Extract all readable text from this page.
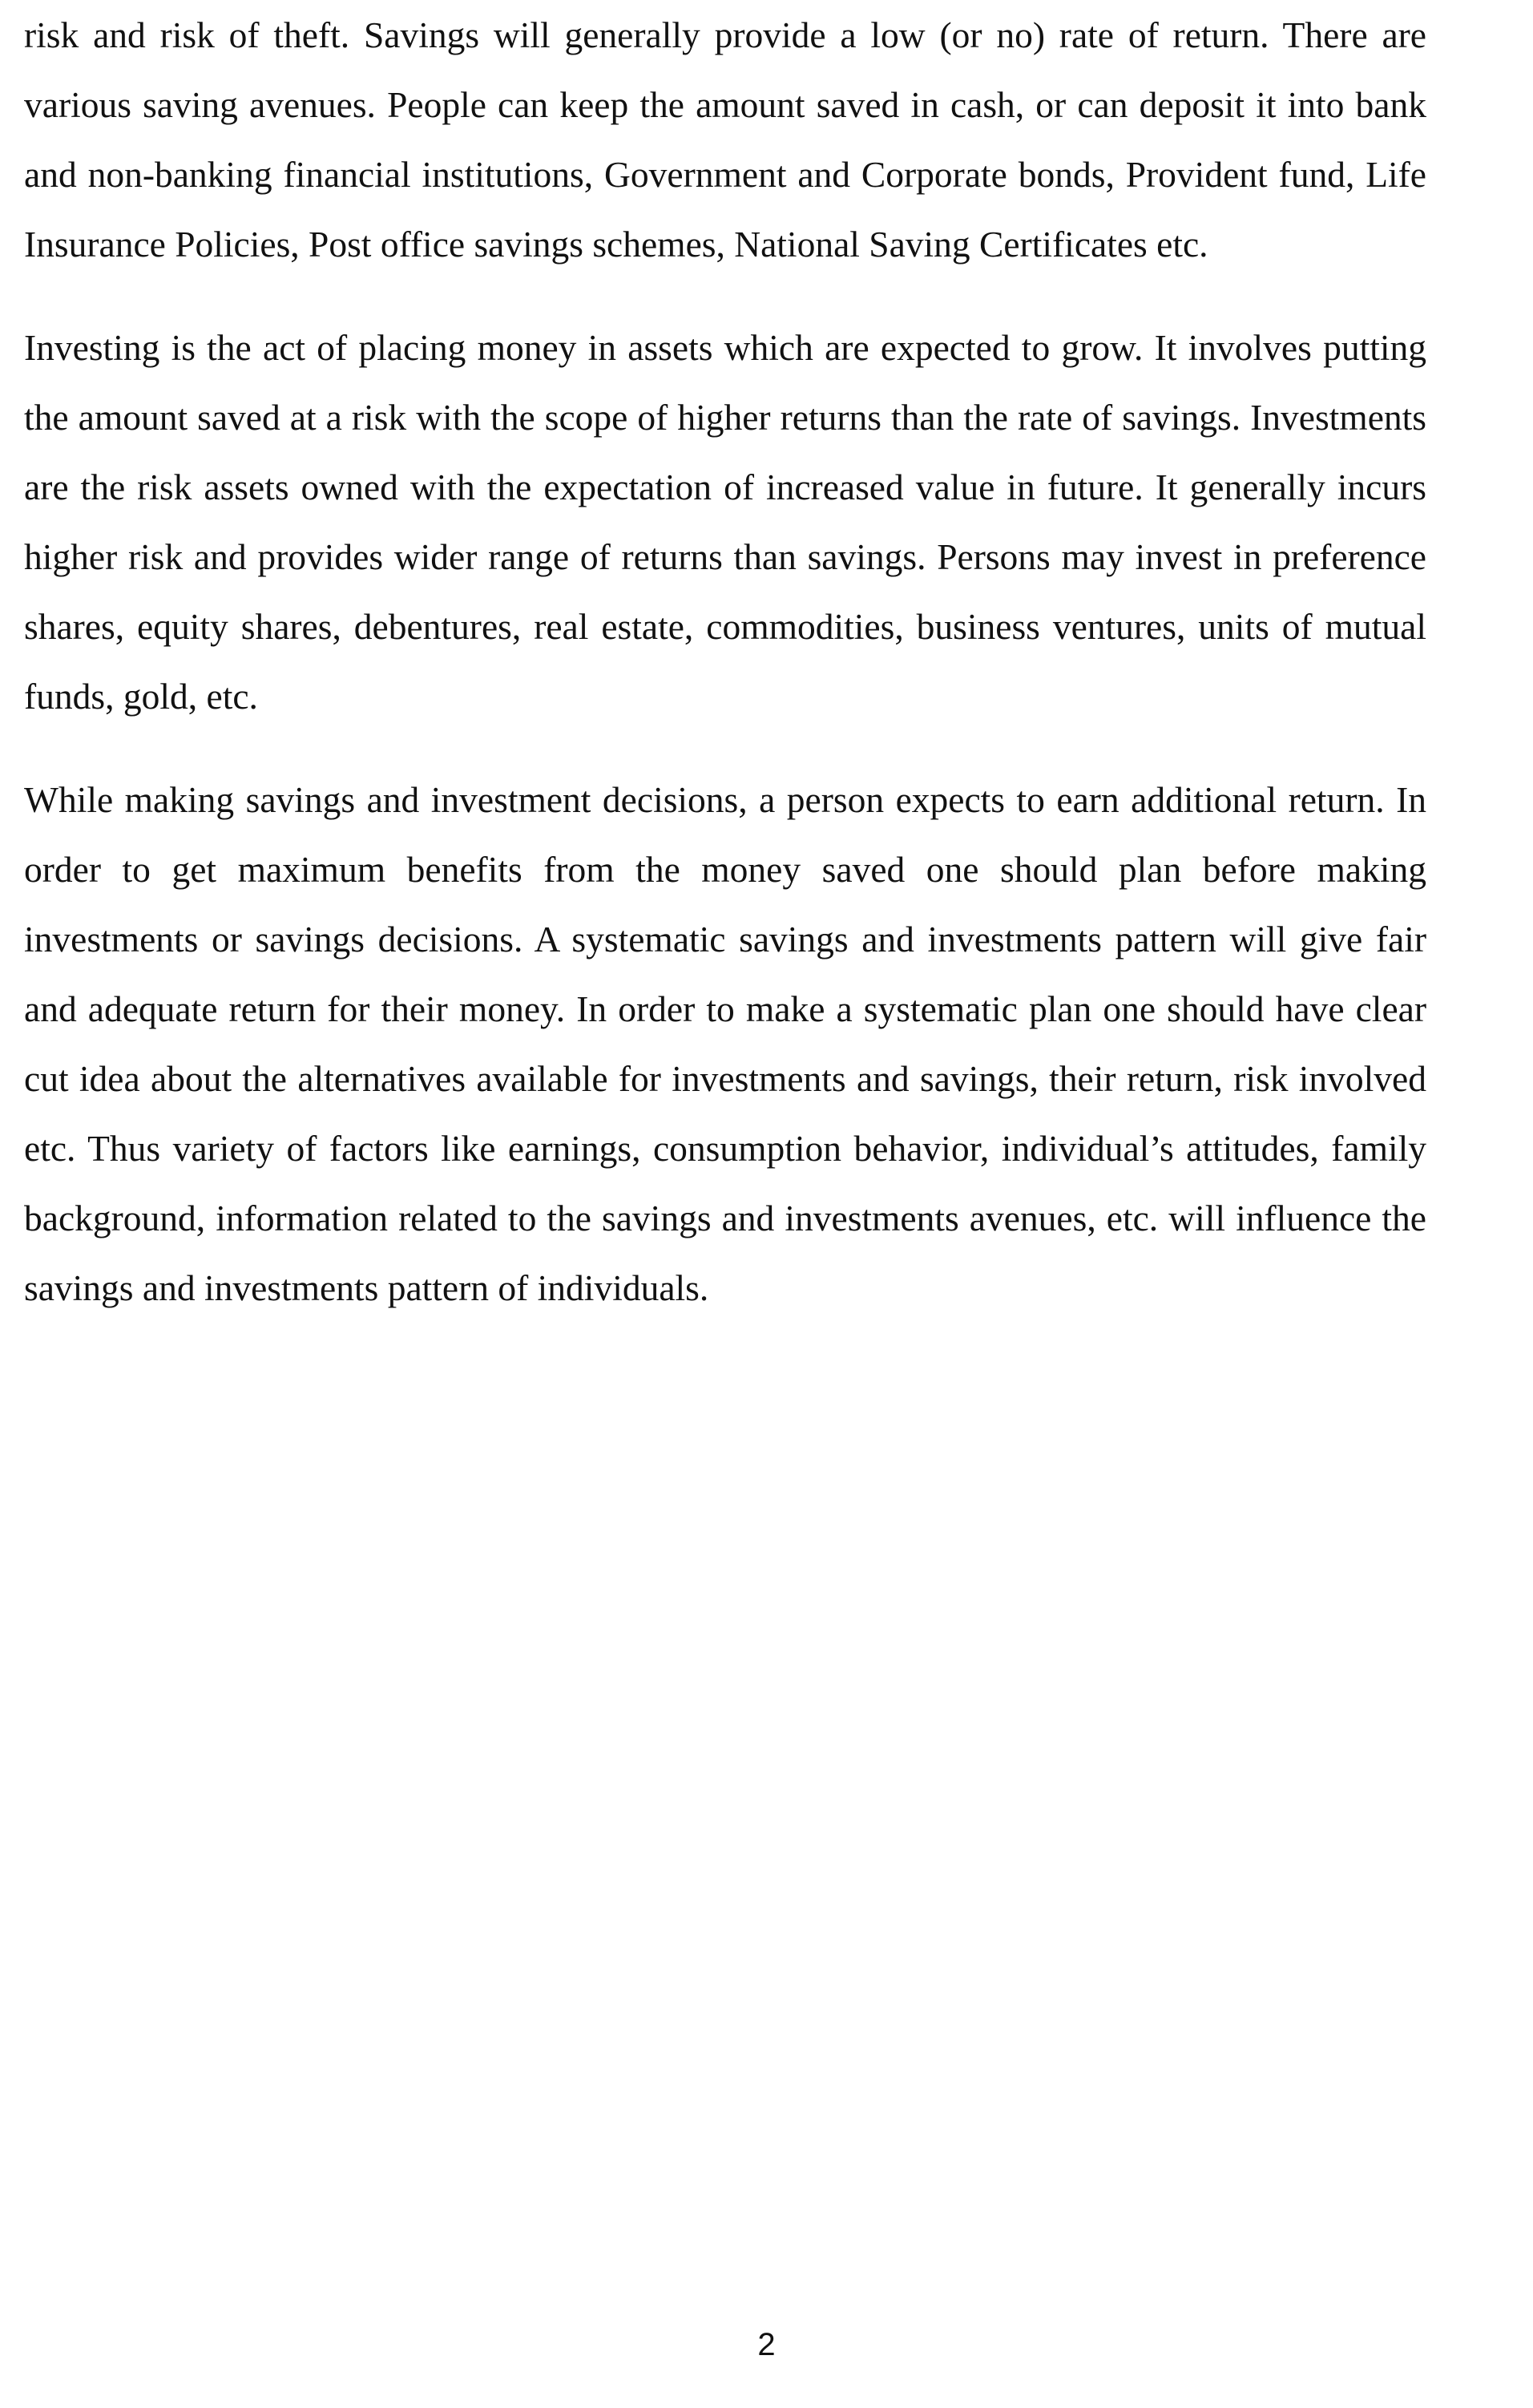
risk and risk of theft. Savings will generally provide a low (or no) rate of return. There are various saving avenues. People can keep the amount saved in cash, or can deposit it into bank and non-banking financial institutions, Government and Corporate bonds, Provident fund, Life Insurance Policies, Post office savings schemes, National Saving Certificates etc.

Investing is the act of placing money in assets which are expected to grow. It involves putting the amount saved at a risk with the scope of higher returns than the rate of savings. Investments are the risk assets owned with the expectation of increased value in future. It generally incurs higher risk and provides wider range of returns than savings. Persons may invest in preference shares, equity shares, debentures, real estate, commodities, business ventures, units of mutual funds, gold, etc.

While making savings and investment decisions, a person expects to earn additional return. In order to get maximum benefits from the money saved one should plan before making investments or savings decisions. A systematic savings and investments pattern will give fair and adequate return for their money. In order to make a systematic plan one should have clear cut idea about the alternatives available for investments and savings, their return, risk involved etc. Thus variety of factors like earnings, consumption behavior, individual’s attitudes, family background, information related to the savings and investments avenues, etc. will influence the savings and investments pattern of individuals.

2
